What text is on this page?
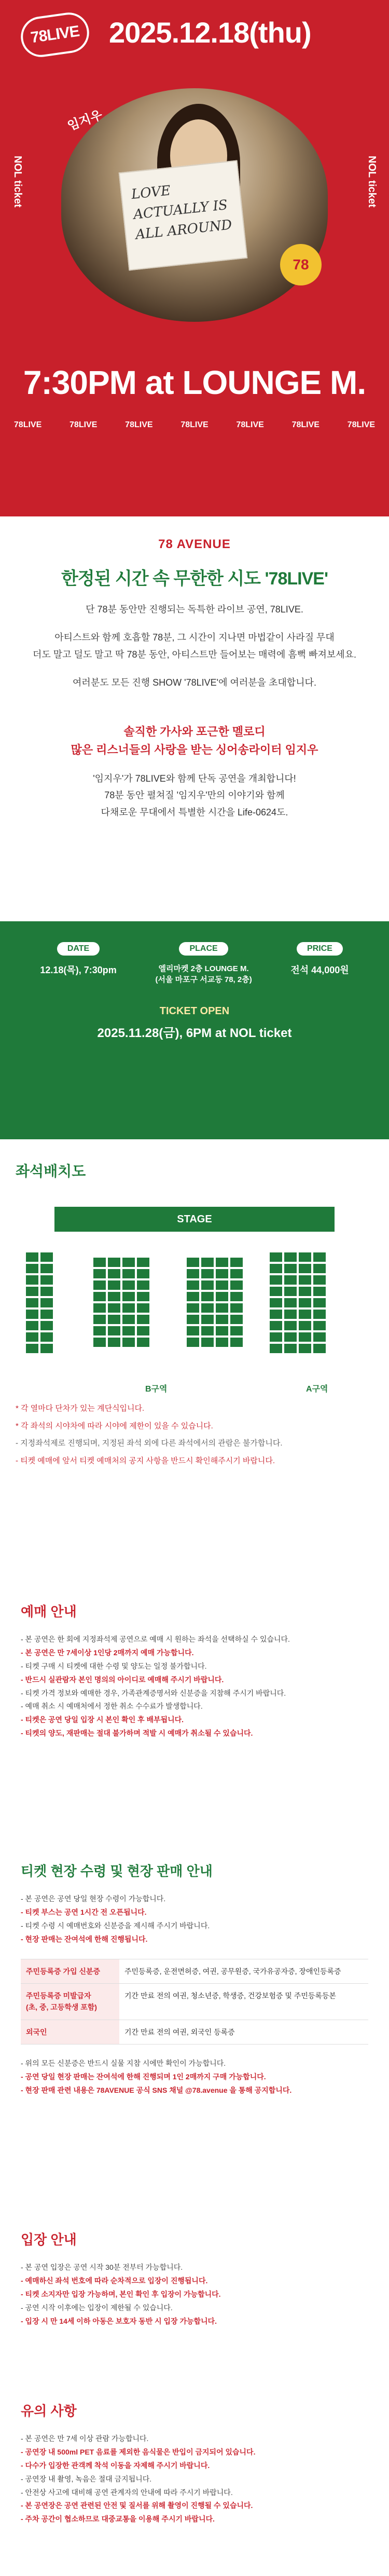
78LIVE 2025.12.18(thu)
NOL ticket	NOL ticket
LOVE ACTUALLY IS ALL AROUND
임지우
78
7:30PM at LOUNGE M.
78LIVE	78LIVE	78LIVE	78LIVE	78LIVE	78LIVE	78LIVE
78 AVENUE
한정된 시간 속 무한한 시도 '78LIVE'

단 78분 동안만 진행되는 독특한 라이브 공연, 78LIVE.

아티스트와 함께 호흡할 78분, 그 시간이 지나면 마법같이 사라질 무대
더도 말고 덜도 말고 딱 78분 동안, 아티스트만 들어보는 매력에 흠뻑 빠져보세요.

여러분도 모든 진행 SHOW '78LIVE'에 여러분을 초대합니다.

솔직한 가사와 포근한 멜로디
많은 리스너들의 사랑을 받는 싱어송라이터 임지우

'임지우'가 78LIVE와 함께 단독 공연을 개최합니다!
78분 동안 펼쳐질 '임지우'만의 이야기와 함께
다채로운 무대에서 특별한 시간을 Life-0624도.

DATE
12.18(목), 7:30pm
PLACE
엘리마켓 2층 LOUNGE M.
(서울 마포구 서교동 78, 2층)
PRICE
전석 44,000원
TICKET OPEN
2025.11.28(금), 6PM at NOL ticket
좌석배치도
STAGE
B구역	A구역

* 각 열마다 단차가 있는 계단식입니다.

* 각 좌석의 시야차에 따라 시야에 제한이 있을 수 있습니다.

- 지정좌석제로 진행되며, 지정된 좌석 외에 다른 좌석에서의 관람은 불가합니다.

- 티켓 예매에 앞서 티켓 예매처의 공지 사항을 반드시 확인해주시기 바랍니다.

예매 안내
- 본 공연은 한 회에 지정좌석제 공연으로 예매 시 원하는 좌석을 선택하실 수 있습니다.
- 본 공연은 만 7세이상 1인당 2매까지 예매 가능합니다.
- 티켓 구매 시 티켓에 대한 수령 및 양도는 일정 불가합니다.
- 반드시 실관람자 본인 명의의 아이디로 예매해 주시기 바랍니다.
- 티켓 가격 정보와 예매한 경우, 가족관계증명서와 신분증을 지참해 주시기 바랍니다.
- 예매 취소 시 예매처에서 정한 취소 수수료가 발생합니다.
- 티켓은 공연 당일 입장 시 본인 확인 후 배부됩니다.
- 티켓의 양도, 재판매는 절대 불가하며 적발 시 예매가 취소될 수 있습니다.
티켓 현장 수령 및 현장 판매 안내
- 본 공연은 공연 당일 현장 수령이 가능합니다.
- 티켓 부스는 공연 1시간 전 오픈됩니다.
- 티켓 수령 시 예매번호와 신분증을 제시해 주시기 바랍니다.
- 현장 판매는 잔여석에 한해 진행됩니다.
주민등록증 가입 신분증	주민등록증, 운전면허증, 여권, 공무원증, 국가유공자증, 장애인등록증
주민등록증 미발급자
(초, 중, 고등학생 포함)	기간 만료 전의 여권, 청소년증, 학생증, 건강보험증 및 주민등록등본
외국인	기간 만료 전의 여권, 외국인 등록증
- 위의 모든 신분증은 반드시 실물 지참 시에만 확인이 가능합니다.
- 공연 당일 현장 판매는 잔여석에 한해 진행되며 1인 2매까지 구매 가능합니다.
- 현장 판매 관련 내용은 78AVENUE 공식 SNS 채널 @78.avenue 을 통해 공지합니다.
입장 안내
- 본 공연 입장은 공연 시작 30분 전부터 가능합니다.
- 예매하신 좌석 번호에 따라 순차적으로 입장이 진행됩니다.
- 티켓 소지자만 입장 가능하며, 본인 확인 후 입장이 가능합니다.
- 공연 시작 이후에는 입장이 제한될 수 있습니다.
- 입장 시 만 14세 이하 아동은 보호자 동반 시 입장 가능합니다.
유의 사항
- 본 공연은 만 7세 이상 관람 가능합니다.
- 공연장 내 500ml PET 음료를 제외한 음식물은 반입이 금지되어 있습니다.
- 다수가 입장한 관객께 착석 이동을 자제해 주시기 바랍니다.
- 공연장 내 촬영, 녹음은 절대 금지됩니다.
- 안전상 사고에 대비해 공연 관계자의 안내에 따라 주시기 바랍니다.
- 본 공연장은 공연 관련된 안전 및 질서를 위해 촬영이 진행될 수 있습니다.
- 주차 공간이 협소하므로 대중교통을 이용해 주시기 바랍니다.
